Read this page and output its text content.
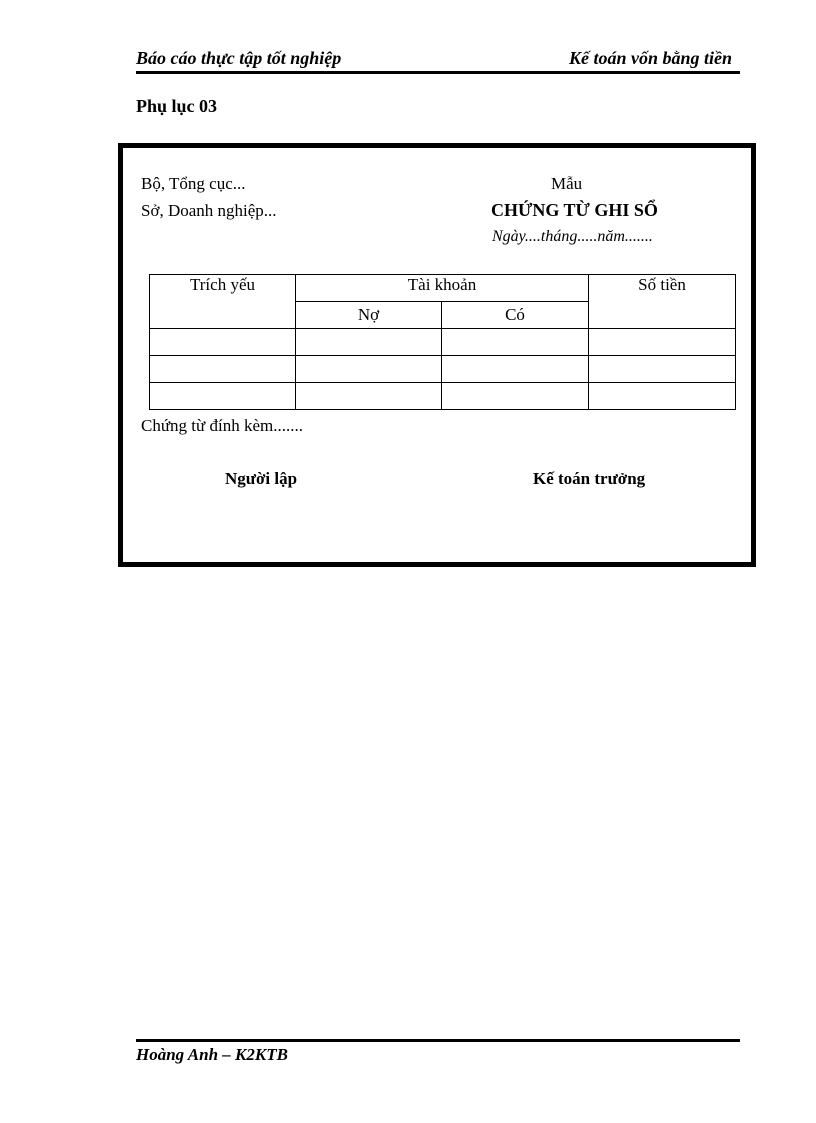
Báo cáo thực tập tốt nghiệp	Kế toán vốn bằng tiền
Phụ lục 03
Bộ, Tổng cục...
Sở, Doanh nghiệp...
Mẫu
CHỨNG TỪ GHI SỔ
Ngày....tháng.....năm.......
Trích yếu	Tài khoản		Số tiền
	Nợ	Có	

Chứng từ đính kèm.......
Người lập	Kế toán trưởng
Hoàng Anh – K2KTB
